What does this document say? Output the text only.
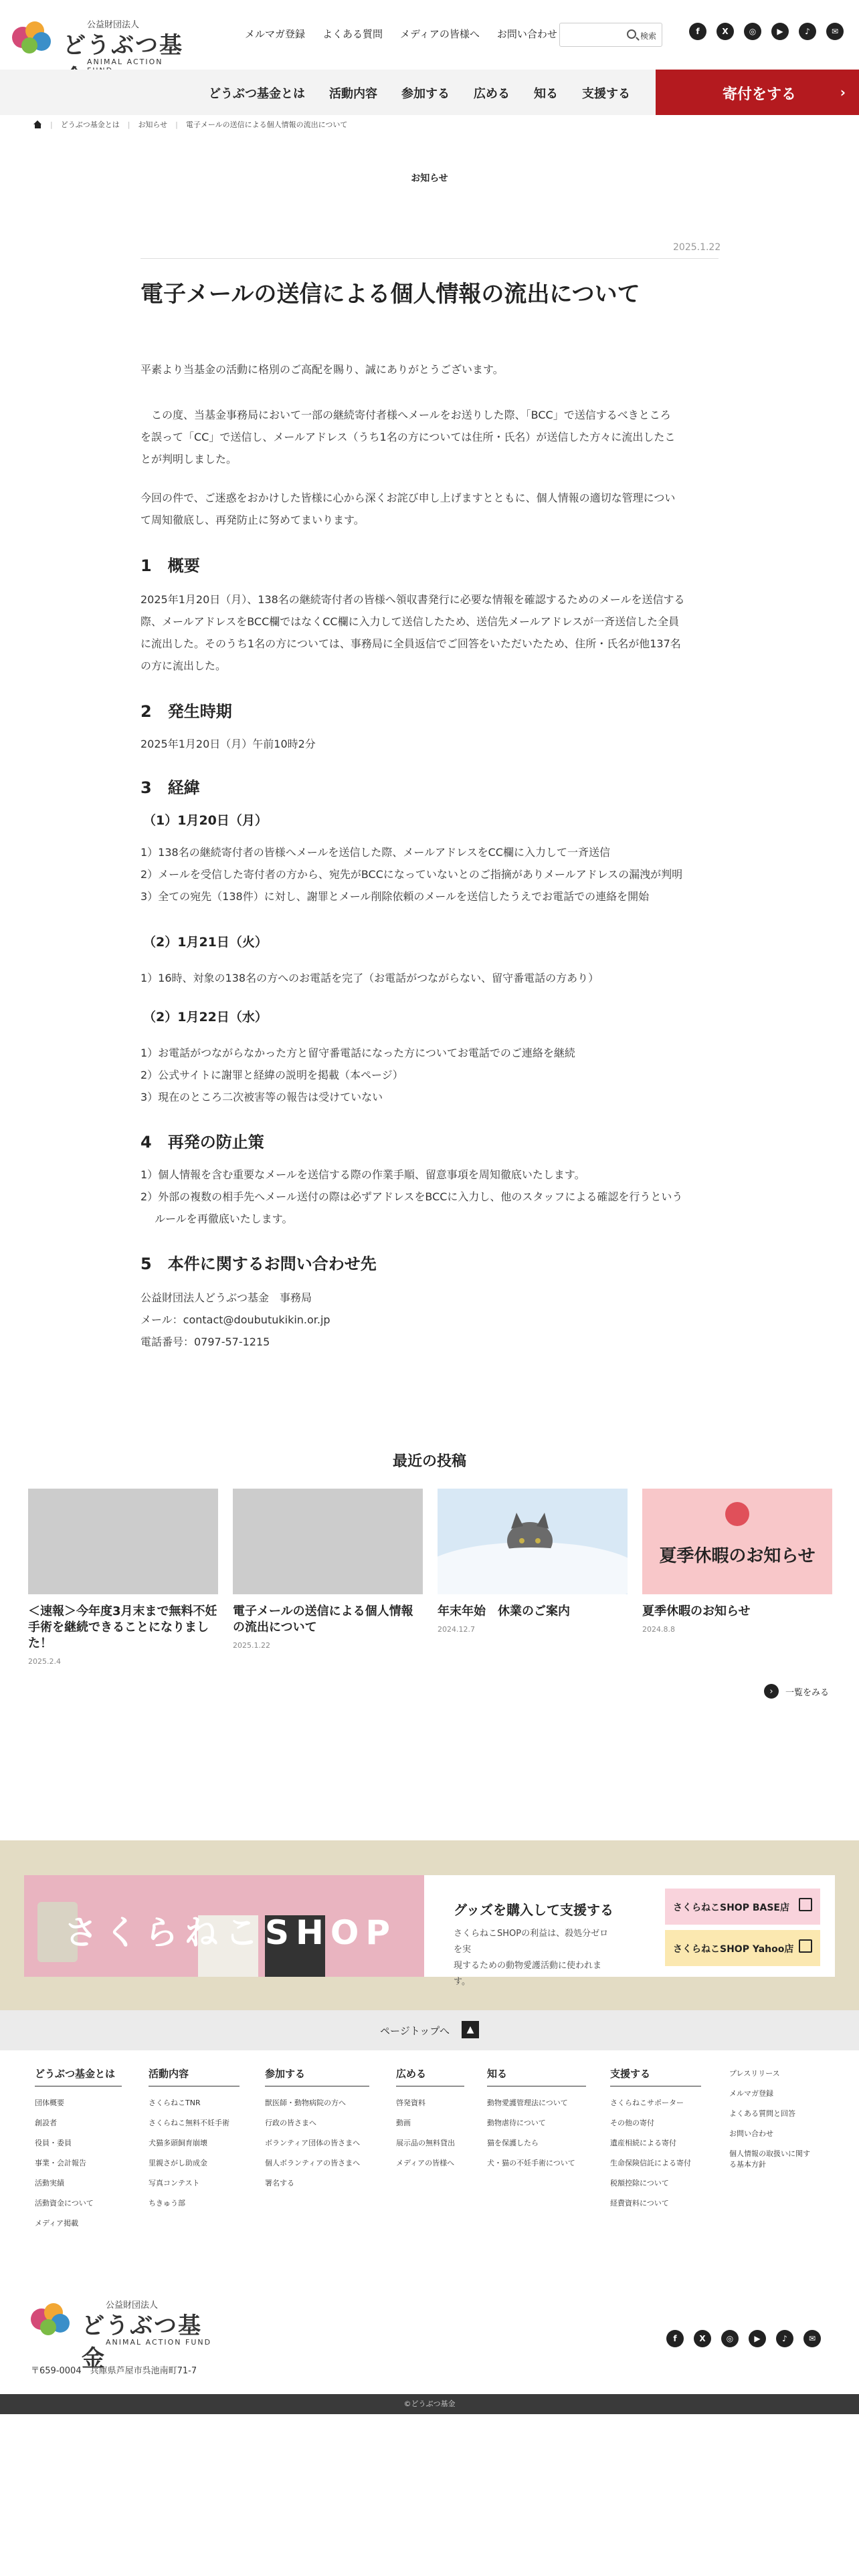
公益財団法人
どうぶつ基
ANIMAL ACTION
メルマガ登録 よくある質問 メディアの皆様へ お問い合わせ	検索	f	X	◎	▶	♪	✉
どうぶつ基金とは 活動内容 参加する 広める 知る 支援する	寄付をする	›
| どうぶつ基金とは | お知らせ | 電子メールの送信による個人情報の流出について
お知らせ
2025.1.22
電子メールの送信による個人情報の流出について

平素より当基金の活動に格別のご高配を賜り、誠にありがとうございます。

　この度、当基金事務局において一部の継続寄付者様へメールをお送りした際、「BCC」で送信するべきところ

を誤って「CC」で送信し、メールアドレス（うち1名の方については住所・氏名）が送信した方々に流出したこ

とが判明しました。

今回の件で、ご迷惑をおかけした皆様に心から深くお詫び申し上げますとともに、個人情報の適切な管理につい

て周知徹底し、再発防止に努めてまいります。

1　概要

2025年1月20日（月）、138名の継続寄付者の皆様へ領収書発行に必要な情報を確認するためのメールを送信する

際、メールアドレスをBCC欄ではなくCC欄に入力して送信したため、送信先メールアドレスが一斉送信した全員

に流出した。そのうち1名の方については、事務局に全員返信でご回答をいただいたため、住所・氏名が他137名

の方に流出した。

2　発生時期

2025年1月20日（月）午前10時2分

3　経緯
（1）1月20日（月）

1）138名の継続寄付者の皆様へメールを送信した際、メールアドレスをCC欄に入力して一斉送信

2）メールを受信した寄付者の方から、宛先がBCCになっていないとのご指摘がありメールアドレスの漏洩が判明

3）全ての宛先（138件）に対し、謝罪とメール削除依頼のメールを送信したうえでお電話での連絡を開始

（2）1月21日（火）

1）16時、対象の138名の方へのお電話を完了（お電話がつながらない、留守番電話の方あり）

（2）1月22日（水）

1）お電話がつながらなかった方と留守番電話になった方についてお電話でのご連絡を継続

2）公式サイトに謝罪と経緯の説明を掲載（本ページ）

3）現在のところ二次被害等の報告は受けていない

4　再発の防止策

1）個人情報を含む重要なメールを送信する際の作業手順、留意事項を周知徹底いたします。

2）外部の複数の相手先へメール送付の際は必ずアドレスをBCCに入力し、他のスタッフによる確認を行うという

　 ルールを再徹底いたします。

5　本件に関するお問い合わせ先

公益財団法人どうぶつ基金　事務局

メール：contact@doubutukikin.or.jp

電話番号：0797-57-1215

最近の投稿
＜速報＞今年度3月末まで無料不妊
手術を継続できることになりまし
た！
2025.2.4
電子メールの送信による個人情報
の流出について
2025.1.22
年末年始　休業のご案内
2024.12.7
夏季休暇のお知らせ
夏季休暇のお知らせ
2024.8.8
›	一覧をみる
さくらねこSHOP
グッズを購入して支援する
さくらねこSHOPの利益は、殺処分ゼロを実
現するための動物愛護活動に使われます。
さくらねこSHOP BASE店
さくらねこSHOP Yahoo店
ページトップへ	▲
どうぶつ基金とは
団体概要
創設者
役員・委員
事業・会計報告
活動実績
活動資金について
メディア掲載
活動内容
さくらねこTNR
さくらねこ無料不妊手術
犬猫多頭飼育崩壊
里親さがし助成金
写真コンテスト
ちきゅう部
参加する
獣医師・動物病院の方へ
行政の皆さまへ
ボランティア団体の皆さまへ
個人ボランティアの皆さまへ
署名する
広める
啓発資料
動画
展示品の無料貸出
メディアの皆様へ
知る
動物愛護管理法について
動物虐待について
猫を保護したら
犬・猫の不妊手術について
支援する
さくらねこサポーター
その他の寄付
遺産相続による寄付
生命保険信託による寄付
税額控除について
経費資料について
プレスリリース
メルマガ登録
よくある質問と回答
お問い合わせ
個人情報の取扱いに関す
る基本方針
公益財団法人
どうぶつ基金
ANIMAL ACTION FUND
〒659-0004　兵庫県芦屋市呉池南町71-7
f	X	◎	▶	♪	✉
©どうぶつ基金
